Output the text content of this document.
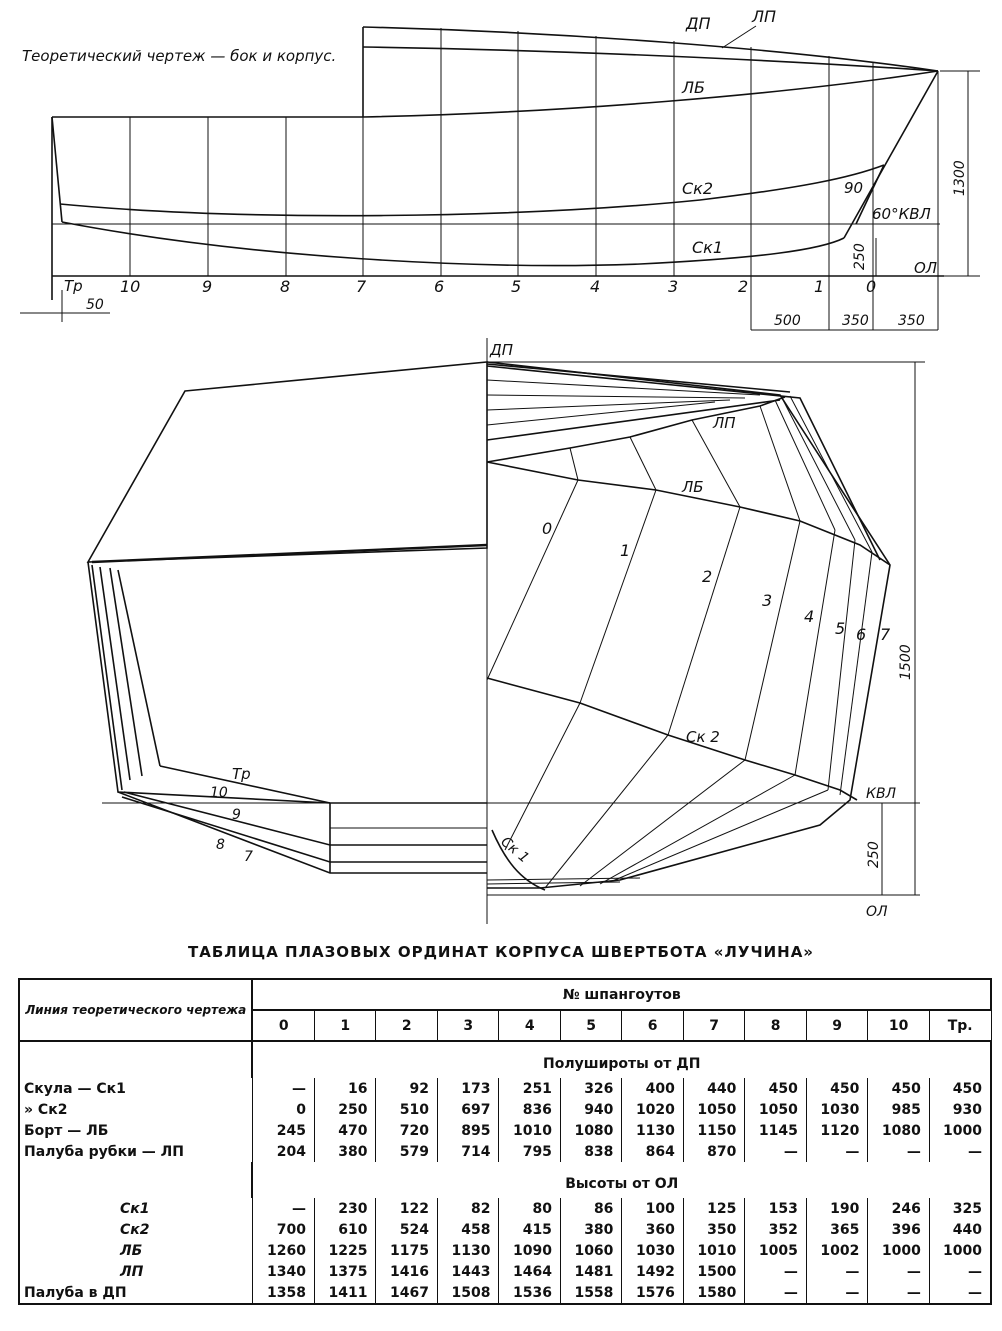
Теоретический чертеж — бок и корпус.
ДП	ЛП
ЛБ
Ск2
Ск1
90
60°КВЛ
ОЛ
Тр 10	9	8	7	6	5	4	3	2	1	0
1300
250
50
500	350 350
ДП
Тр
10
9
8
7
ЛП
ЛБ
Ск 2
Ск 1
0
1
2
3
4
5 6 7
КВЛ
ОЛ
1500
250
ТАБЛИЦА ПЛАЗОВЫХ ОРДИНАТ КОРПУСА ШВЕРТБОТА «ЛУЧИНА»
Линия теоретического чертежа	№ шпангоутов											
	0	1	2	3	4	5	6	7	8	9	10	Тр.
	Полушироты от ДП											
Скула — Ск1	—	16	92	173	251	326	400	440	450	450	450	450
» Ск2	0	250	510	697	836	940	1020	1050	1050	1030	985	930
Борт — ЛБ	245	470	720	895	1010	1080	1130	1150	1145	1120	1080	1000
Палуба рубки — ЛП	204	380	579	714	795	838	864	870	—	—	—	—
	Высоты от ОЛ											
Ск1	—	230	122	82	80	86	100	125	153	190	246	325
Ск2	700	610	524	458	415	380	360	350	352	365	396	440
ЛБ	1260	1225	1175	1130	1090	1060	1030	1010	1005	1002	1000	1000
ЛП	1340	1375	1416	1443	1464	1481	1492	1500	—	—	—	—
Палуба в ДП	1358	1411	1467	1508	1536	1558	1576	1580	—	—	—	—
